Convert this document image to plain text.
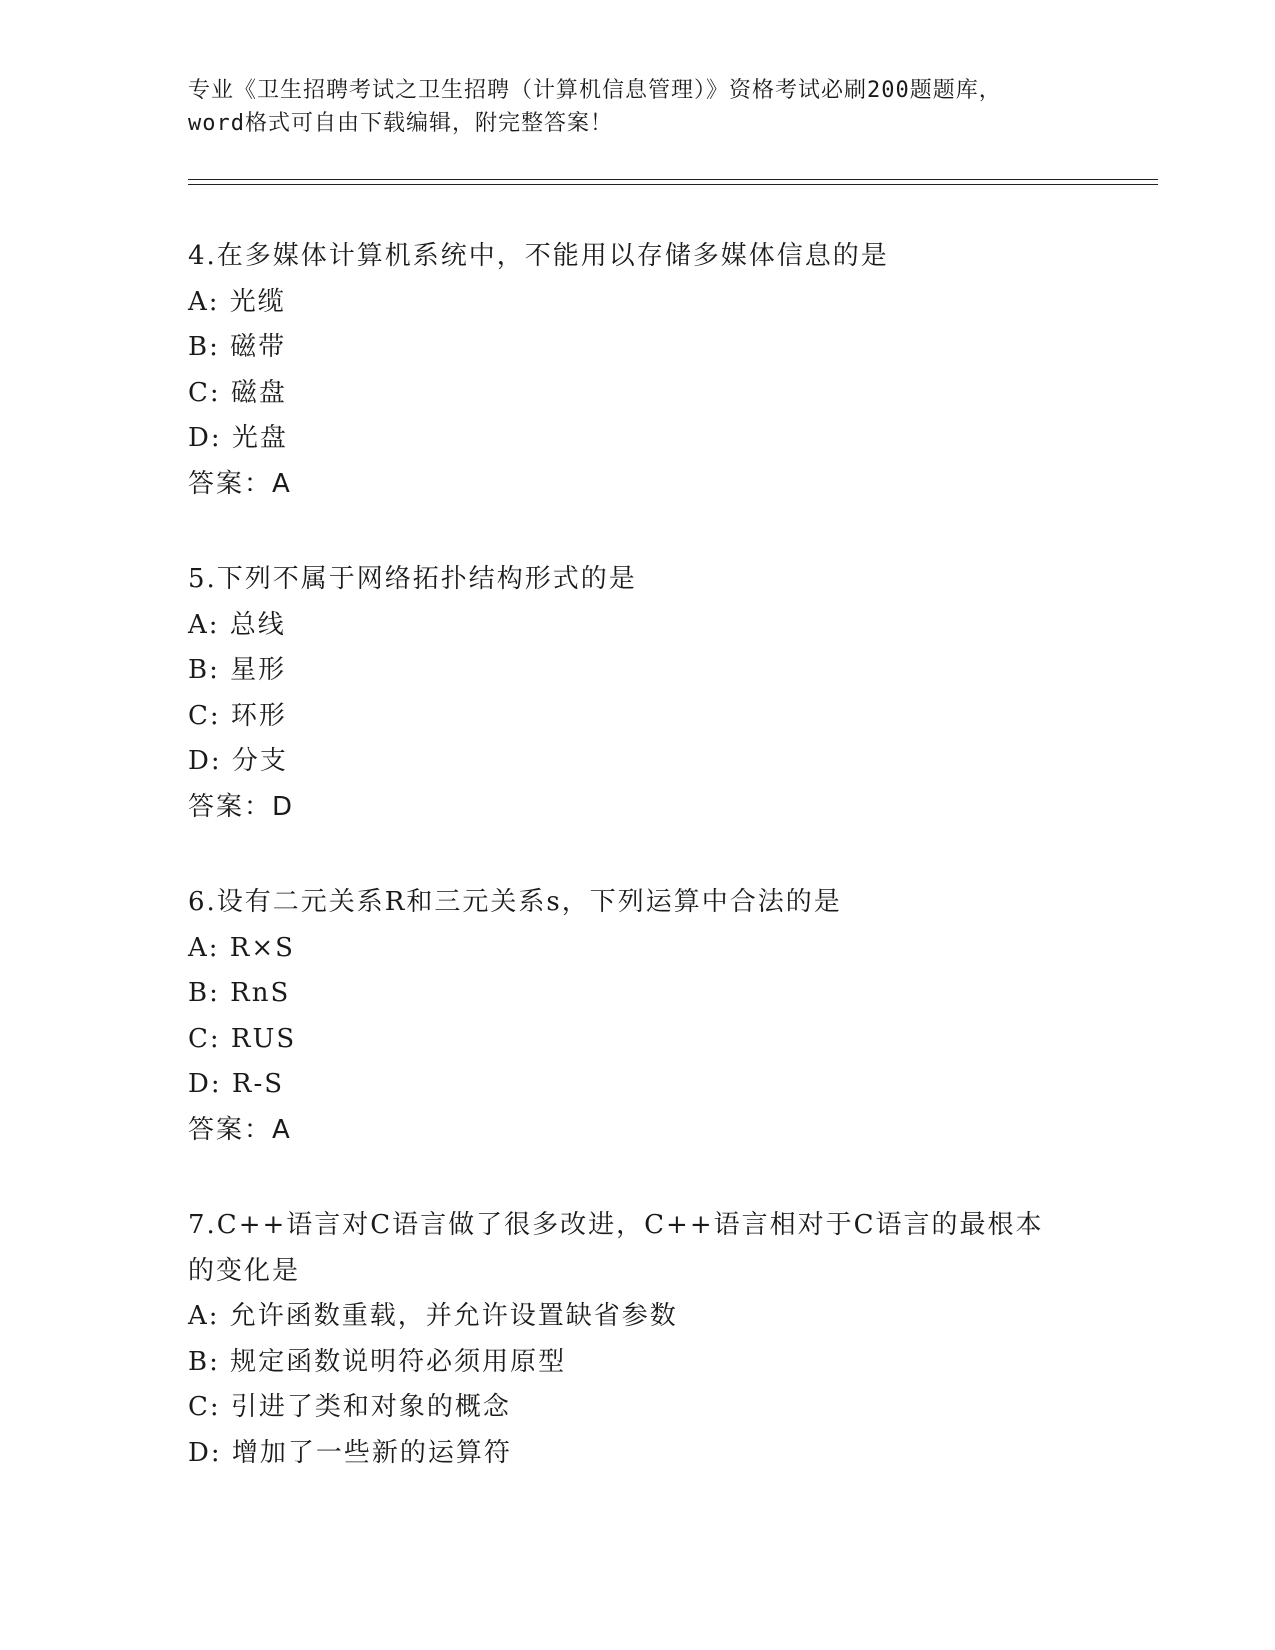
专业《卫生招聘考试之卫生招聘（计算机信息管理）》资格考试必刷200题题库，
word格式可自由下载编辑，附完整答案！
4.在多媒体计算机系统中，不能用以存储多媒体信息的是
A: 光缆
B: 磁带
C: 磁盘
D: 光盘
答案：A
5.下列不属于网络拓扑结构形式的是
A: 总线
B: 星形
C: 环形
D: 分支
答案：D
6.设有二元关系R和三元关系s，下列运算中合法的是
A: R×S
B: RnS
C: RUS
D: R-S
答案：A
7.C++语言对C语言做了很多改进，C++语言相对于C语言的最根本的变化是
A: 允许函数重载，并允许设置缺省参数
B: 规定函数说明符必须用原型
C: 引进了类和对象的概念
D: 增加了一些新的运算符
